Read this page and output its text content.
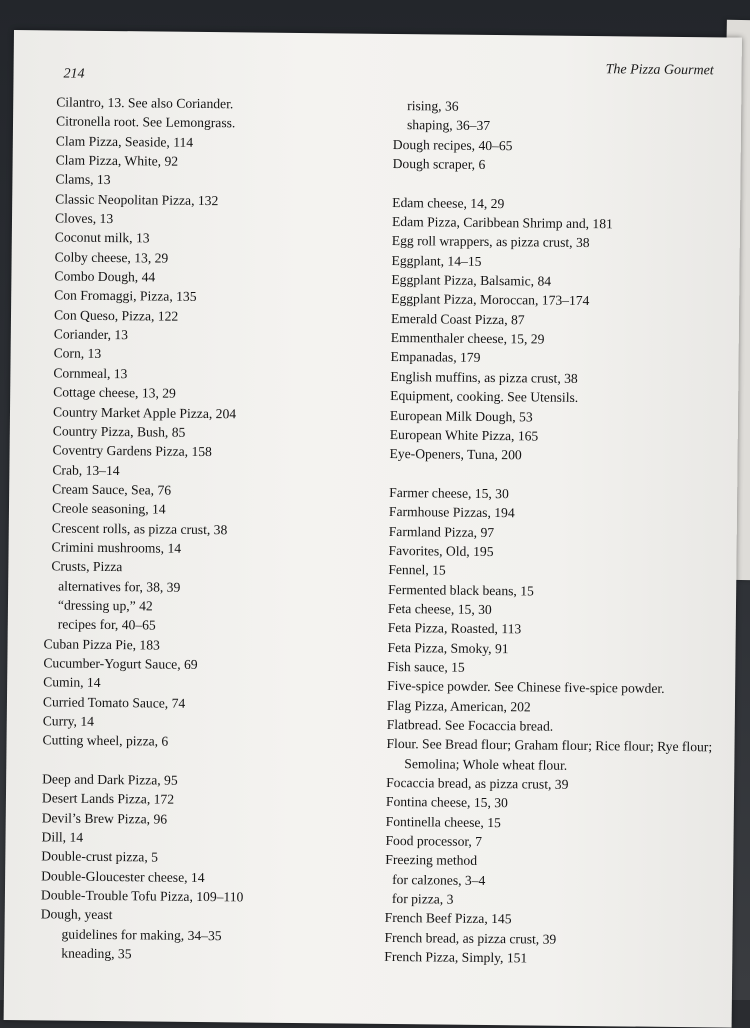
214	The Pizza Gourmet
Cilantro, 13. See also Coriander.
Citronella root. See Lemongrass.
Clam Pizza, Seaside, 114
Clam Pizza, White, 92
Clams, 13
Classic Neopolitan Pizza, 132
Cloves, 13
Coconut milk, 13
Colby cheese, 13, 29
Combo Dough, 44
Con Fromaggi, Pizza, 135
Con Queso, Pizza, 122
Coriander, 13
Corn, 13
Cornmeal, 13
Cottage cheese, 13, 29
Country Market Apple Pizza, 204
Country Pizza, Bush, 85
Coventry Gardens Pizza, 158
Crab, 13–14
Cream Sauce, Sea, 76
Creole seasoning, 14
Crescent rolls, as pizza crust, 38
Crimini mushrooms, 14
Crusts, Pizza
alternatives for, 38, 39
“dressing up,” 42
recipes for, 40–65
Cuban Pizza Pie, 183
Cucumber-Yogurt Sauce, 69
Cumin, 14
Curried Tomato Sauce, 74
Curry, 14
Cutting wheel, pizza, 6
Deep and Dark Pizza, 95
Desert Lands Pizza, 172
Devil’s Brew Pizza, 96
Dill, 14
Double-crust pizza, 5
Double-Gloucester cheese, 14
Double-Trouble Tofu Pizza, 109–110
Dough, yeast
guidelines for making, 34–35
kneading, 35
rising, 36
shaping, 36–37
Dough recipes, 40–65
Dough scraper, 6
Edam cheese, 14, 29
Edam Pizza, Caribbean Shrimp and, 181
Egg roll wrappers, as pizza crust, 38
Eggplant, 14–15
Eggplant Pizza, Balsamic, 84
Eggplant Pizza, Moroccan, 173–174
Emerald Coast Pizza, 87
Emmenthaler cheese, 15, 29
Empanadas, 179
English muffins, as pizza crust, 38
Equipment, cooking. See Utensils.
European Milk Dough, 53
European White Pizza, 165
Eye-Openers, Tuna, 200
Farmer cheese, 15, 30
Farmhouse Pizzas, 194
Farmland Pizza, 97
Favorites, Old, 195
Fennel, 15
Fermented black beans, 15
Feta cheese, 15, 30
Feta Pizza, Roasted, 113
Feta Pizza, Smoky, 91
Fish sauce, 15
Five-spice powder. See Chinese five-spice powder.
Flag Pizza, American, 202
Flatbread. See Focaccia bread.
Flour. See Bread flour; Graham flour; Rice flour; Rye flour; Semolina; Whole wheat flour.
Focaccia bread, as pizza crust, 39
Fontina cheese, 15, 30
Fontinella cheese, 15
Food processor, 7
Freezing method
for calzones, 3–4
for pizza, 3
French Beef Pizza, 145
French bread, as pizza crust, 39
French Pizza, Simply, 151
